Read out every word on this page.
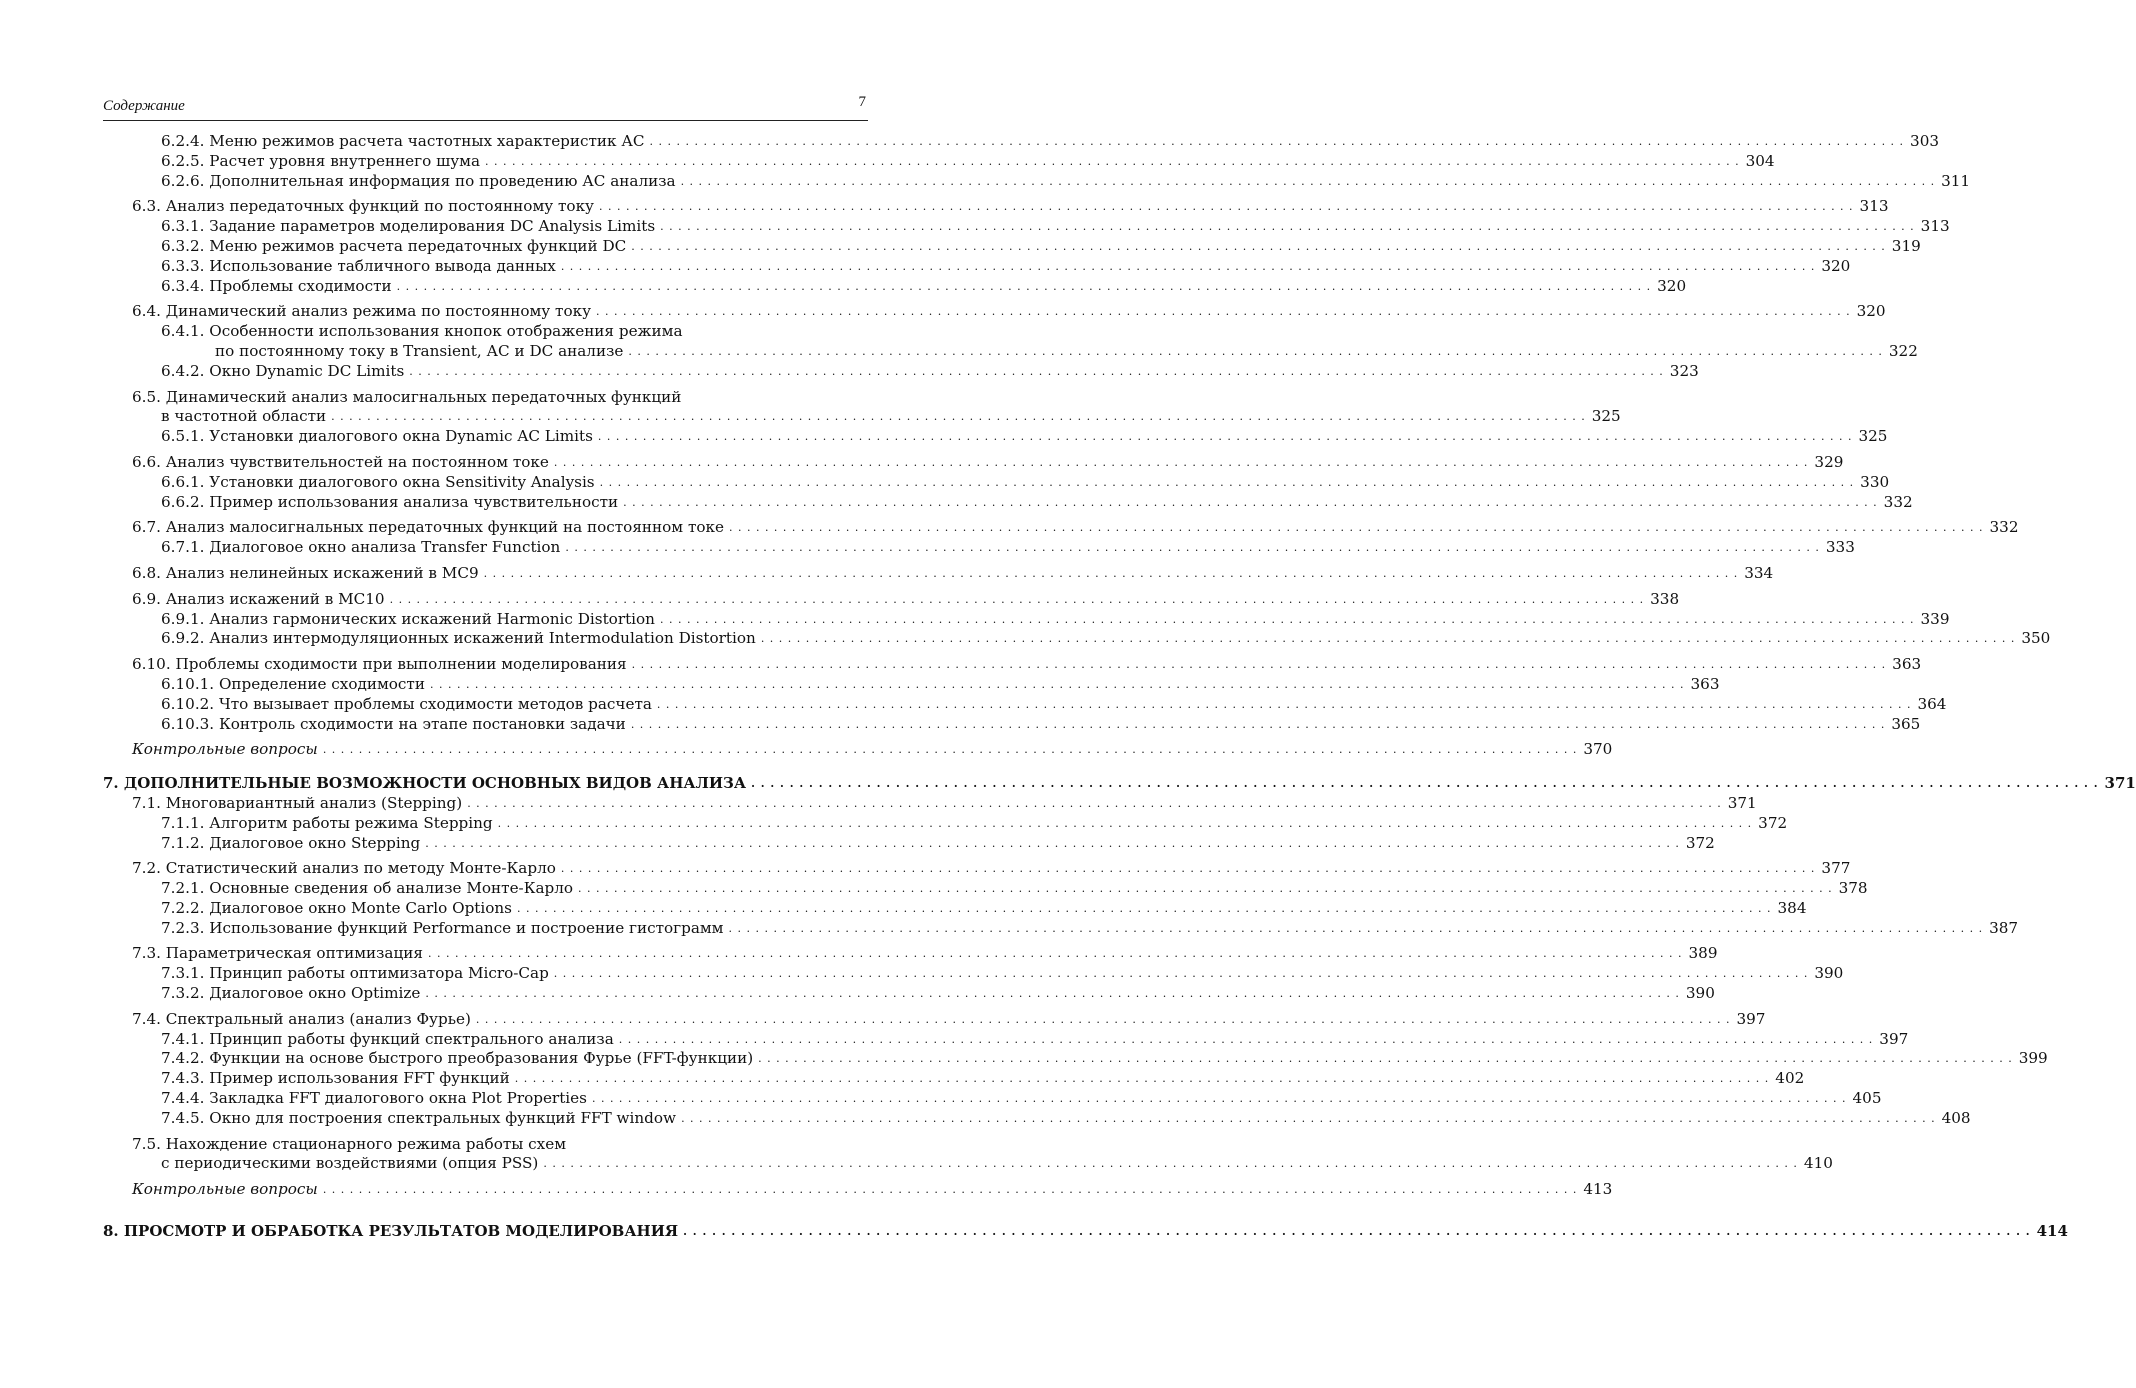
Содержание	7
6.2.4. Меню режимов расчета частотных характеристик АС . . . . . . . . . . . . . . . . . . . . . . . . . . . . . . . . . . . . . . . . . . . . . . . . . . . . . . . . . . . . . . . . . . . . . . . . . . . . . . . . . . . . . . . . . . . . . . . . . . . . . . . . . . . . . . . . . . . . . . . . . . . . . . . . . . . . . . . . . . . . 303
6.2.5. Расчет уровня внутреннего шума . . . . . . . . . . . . . . . . . . . . . . . . . . . . . . . . . . . . . . . . . . . . . . . . . . . . . . . . . . . . . . . . . . . . . . . . . . . . . . . . . . . . . . . . . . . . . . . . . . . . . . . . . . . . . . . . . . . . . . . . . . . . . . . . . . . . . . . . . . . . 304
6.2.6. Дополнительная информация по проведению АС анализа . . . . . . . . . . . . . . . . . . . . . . . . . . . . . . . . . . . . . . . . . . . . . . . . . . . . . . . . . . . . . . . . . . . . . . . . . . . . . . . . . . . . . . . . . . . . . . . . . . . . . . . . . . . . . . . . . . . . . . . . . . . . . . . . . . . . . . . . . . . . 311
6.3. Анализ передаточных функций по постоянному току . . . . . . . . . . . . . . . . . . . . . . . . . . . . . . . . . . . . . . . . . . . . . . . . . . . . . . . . . . . . . . . . . . . . . . . . . . . . . . . . . . . . . . . . . . . . . . . . . . . . . . . . . . . . . . . . . . . . . . . . . . . . . . . . . . . . . . . . . . . . 313
6.3.1. Задание параметров моделирования DC Analysis Limits . . . . . . . . . . . . . . . . . . . . . . . . . . . . . . . . . . . . . . . . . . . . . . . . . . . . . . . . . . . . . . . . . . . . . . . . . . . . . . . . . . . . . . . . . . . . . . . . . . . . . . . . . . . . . . . . . . . . . . . . . . . . . . . . . . . . . . . . . . . . 313
6.3.2. Меню режимов расчета передаточных функций DC . . . . . . . . . . . . . . . . . . . . . . . . . . . . . . . . . . . . . . . . . . . . . . . . . . . . . . . . . . . . . . . . . . . . . . . . . . . . . . . . . . . . . . . . . . . . . . . . . . . . . . . . . . . . . . . . . . . . . . . . . . . . . . . . . . . . . . . . . . . . 319
6.3.3. Использование табличного вывода данных . . . . . . . . . . . . . . . . . . . . . . . . . . . . . . . . . . . . . . . . . . . . . . . . . . . . . . . . . . . . . . . . . . . . . . . . . . . . . . . . . . . . . . . . . . . . . . . . . . . . . . . . . . . . . . . . . . . . . . . . . . . . . . . . . . . . . . . . . . . . 320
6.3.4. Проблемы сходимости . . . . . . . . . . . . . . . . . . . . . . . . . . . . . . . . . . . . . . . . . . . . . . . . . . . . . . . . . . . . . . . . . . . . . . . . . . . . . . . . . . . . . . . . . . . . . . . . . . . . . . . . . . . . . . . . . . . . . . . . . . . . . . . . . . . . . . . . . . . . 320
6.4. Динамический анализ режима по постоянному току . . . . . . . . . . . . . . . . . . . . . . . . . . . . . . . . . . . . . . . . . . . . . . . . . . . . . . . . . . . . . . . . . . . . . . . . . . . . . . . . . . . . . . . . . . . . . . . . . . . . . . . . . . . . . . . . . . . . . . . . . . . . . . . . . . . . . . . . . . . . 320
6.4.1. Особенности использования кнопок отображения режима
по постоянному току в Transient, АС и DC анализе . . . . . . . . . . . . . . . . . . . . . . . . . . . . . . . . . . . . . . . . . . . . . . . . . . . . . . . . . . . . . . . . . . . . . . . . . . . . . . . . . . . . . . . . . . . . . . . . . . . . . . . . . . . . . . . . . . . . . . . . . . . . . . . . . . . . . . . . . . . . 322
6.4.2. Окно Dynamic DC Limits . . . . . . . . . . . . . . . . . . . . . . . . . . . . . . . . . . . . . . . . . . . . . . . . . . . . . . . . . . . . . . . . . . . . . . . . . . . . . . . . . . . . . . . . . . . . . . . . . . . . . . . . . . . . . . . . . . . . . . . . . . . . . . . . . . . . . . . . . . . . 323
6.5. Динамический анализ малосигнальных передаточных функций
в частотной области . . . . . . . . . . . . . . . . . . . . . . . . . . . . . . . . . . . . . . . . . . . . . . . . . . . . . . . . . . . . . . . . . . . . . . . . . . . . . . . . . . . . . . . . . . . . . . . . . . . . . . . . . . . . . . . . . . . . . . . . . . . . . . . . . . . . . . . . . . . . 325
6.5.1. Установки диалогового окна Dynamic AC Limits . . . . . . . . . . . . . . . . . . . . . . . . . . . . . . . . . . . . . . . . . . . . . . . . . . . . . . . . . . . . . . . . . . . . . . . . . . . . . . . . . . . . . . . . . . . . . . . . . . . . . . . . . . . . . . . . . . . . . . . . . . . . . . . . . . . . . . . . . . . . 325
6.6. Анализ чувствительностей на постоянном токе . . . . . . . . . . . . . . . . . . . . . . . . . . . . . . . . . . . . . . . . . . . . . . . . . . . . . . . . . . . . . . . . . . . . . . . . . . . . . . . . . . . . . . . . . . . . . . . . . . . . . . . . . . . . . . . . . . . . . . . . . . . . . . . . . . . . . . . . . . . . 329
6.6.1. Установки диалогового окна Sensitivity Analysis . . . . . . . . . . . . . . . . . . . . . . . . . . . . . . . . . . . . . . . . . . . . . . . . . . . . . . . . . . . . . . . . . . . . . . . . . . . . . . . . . . . . . . . . . . . . . . . . . . . . . . . . . . . . . . . . . . . . . . . . . . . . . . . . . . . . . . . . . . . . 330
6.6.2. Пример использования анализа чувствительности . . . . . . . . . . . . . . . . . . . . . . . . . . . . . . . . . . . . . . . . . . . . . . . . . . . . . . . . . . . . . . . . . . . . . . . . . . . . . . . . . . . . . . . . . . . . . . . . . . . . . . . . . . . . . . . . . . . . . . . . . . . . . . . . . . . . . . . . . . . . 332
6.7. Анализ малосигнальных передаточных функций на постоянном токе . . . . . . . . . . . . . . . . . . . . . . . . . . . . . . . . . . . . . . . . . . . . . . . . . . . . . . . . . . . . . . . . . . . . . . . . . . . . . . . . . . . . . . . . . . . . . . . . . . . . . . . . . . . . . . . . . . . . . . . . . . . . . . . . . . . . . . . . . . . . 332
6.7.1. Диалоговое окно анализа Transfer Function . . . . . . . . . . . . . . . . . . . . . . . . . . . . . . . . . . . . . . . . . . . . . . . . . . . . . . . . . . . . . . . . . . . . . . . . . . . . . . . . . . . . . . . . . . . . . . . . . . . . . . . . . . . . . . . . . . . . . . . . . . . . . . . . . . . . . . . . . . . . 333
6.8. Анализ нелинейных искажений в МС9 . . . . . . . . . . . . . . . . . . . . . . . . . . . . . . . . . . . . . . . . . . . . . . . . . . . . . . . . . . . . . . . . . . . . . . . . . . . . . . . . . . . . . . . . . . . . . . . . . . . . . . . . . . . . . . . . . . . . . . . . . . . . . . . . . . . . . . . . . . . . 334
6.9. Анализ искажений в МС10 . . . . . . . . . . . . . . . . . . . . . . . . . . . . . . . . . . . . . . . . . . . . . . . . . . . . . . . . . . . . . . . . . . . . . . . . . . . . . . . . . . . . . . . . . . . . . . . . . . . . . . . . . . . . . . . . . . . . . . . . . . . . . . . . . . . . . . . . . . . . 338
6.9.1. Анализ гармонических искажений Harmonic Distortion . . . . . . . . . . . . . . . . . . . . . . . . . . . . . . . . . . . . . . . . . . . . . . . . . . . . . . . . . . . . . . . . . . . . . . . . . . . . . . . . . . . . . . . . . . . . . . . . . . . . . . . . . . . . . . . . . . . . . . . . . . . . . . . . . . . . . . . . . . . . 339
6.9.2. Анализ интермодуляционных искажений Intermodulation Distortion . . . . . . . . . . . . . . . . . . . . . . . . . . . . . . . . . . . . . . . . . . . . . . . . . . . . . . . . . . . . . . . . . . . . . . . . . . . . . . . . . . . . . . . . . . . . . . . . . . . . . . . . . . . . . . . . . . . . . . . . . . . . . . . . . . . . . . . . . . . . 350
6.10. Проблемы сходимости при выполнении моделирования . . . . . . . . . . . . . . . . . . . . . . . . . . . . . . . . . . . . . . . . . . . . . . . . . . . . . . . . . . . . . . . . . . . . . . . . . . . . . . . . . . . . . . . . . . . . . . . . . . . . . . . . . . . . . . . . . . . . . . . . . . . . . . . . . . . . . . . . . . . . 363
6.10.1. Определение сходимости . . . . . . . . . . . . . . . . . . . . . . . . . . . . . . . . . . . . . . . . . . . . . . . . . . . . . . . . . . . . . . . . . . . . . . . . . . . . . . . . . . . . . . . . . . . . . . . . . . . . . . . . . . . . . . . . . . . . . . . . . . . . . . . . . . . . . . . . . . . . 363
6.10.2. Что вызывает проблемы сходимости методов расчета . . . . . . . . . . . . . . . . . . . . . . . . . . . . . . . . . . . . . . . . . . . . . . . . . . . . . . . . . . . . . . . . . . . . . . . . . . . . . . . . . . . . . . . . . . . . . . . . . . . . . . . . . . . . . . . . . . . . . . . . . . . . . . . . . . . . . . . . . . . . 364
6.10.3. Контроль сходимости на этапе постановки задачи . . . . . . . . . . . . . . . . . . . . . . . . . . . . . . . . . . . . . . . . . . . . . . . . . . . . . . . . . . . . . . . . . . . . . . . . . . . . . . . . . . . . . . . . . . . . . . . . . . . . . . . . . . . . . . . . . . . . . . . . . . . . . . . . . . . . . . . . . . . . 365
Контрольные вопросы . . . . . . . . . . . . . . . . . . . . . . . . . . . . . . . . . . . . . . . . . . . . . . . . . . . . . . . . . . . . . . . . . . . . . . . . . . . . . . . . . . . . . . . . . . . . . . . . . . . . . . . . . . . . . . . . . . . . . . . . . . . . . . . . . . . . . . . . . . . . 370
7. ДОПОЛНИТЕЛЬНЫЕ ВОЗМОЖНОСТИ ОСНОВНЫХ ВИДОВ АНАЛИЗА . . . . . . . . . . . . . . . . . . . . . . . . . . . . . . . . . . . . . . . . . . . . . . . . . . . . . . . . . . . . . . . . . . . . . . . . . . . . . . . . . . . . . . . . . . . . . . . . . . . . . . . . . . . . . . . . . . . . . . . . . . . . . . . . . . . . . . . . . . . . 371
7.1. Многовариантный анализ (Stepping) . . . . . . . . . . . . . . . . . . . . . . . . . . . . . . . . . . . . . . . . . . . . . . . . . . . . . . . . . . . . . . . . . . . . . . . . . . . . . . . . . . . . . . . . . . . . . . . . . . . . . . . . . . . . . . . . . . . . . . . . . . . . . . . . . . . . . . . . . . . . 371
7.1.1. Алгоритм работы режима Stepping . . . . . . . . . . . . . . . . . . . . . . . . . . . . . . . . . . . . . . . . . . . . . . . . . . . . . . . . . . . . . . . . . . . . . . . . . . . . . . . . . . . . . . . . . . . . . . . . . . . . . . . . . . . . . . . . . . . . . . . . . . . . . . . . . . . . . . . . . . . . 372
7.1.2. Диалоговое окно Stepping . . . . . . . . . . . . . . . . . . . . . . . . . . . . . . . . . . . . . . . . . . . . . . . . . . . . . . . . . . . . . . . . . . . . . . . . . . . . . . . . . . . . . . . . . . . . . . . . . . . . . . . . . . . . . . . . . . . . . . . . . . . . . . . . . . . . . . . . . . . . 372
7.2. Статистический анализ по методу Монте-Карло . . . . . . . . . . . . . . . . . . . . . . . . . . . . . . . . . . . . . . . . . . . . . . . . . . . . . . . . . . . . . . . . . . . . . . . . . . . . . . . . . . . . . . . . . . . . . . . . . . . . . . . . . . . . . . . . . . . . . . . . . . . . . . . . . . . . . . . . . . . . 377
7.2.1. Основные сведения об анализе Монте-Карло . . . . . . . . . . . . . . . . . . . . . . . . . . . . . . . . . . . . . . . . . . . . . . . . . . . . . . . . . . . . . . . . . . . . . . . . . . . . . . . . . . . . . . . . . . . . . . . . . . . . . . . . . . . . . . . . . . . . . . . . . . . . . . . . . . . . . . . . . . . . 378
7.2.2. Диалоговое окно Monte Carlo Options . . . . . . . . . . . . . . . . . . . . . . . . . . . . . . . . . . . . . . . . . . . . . . . . . . . . . . . . . . . . . . . . . . . . . . . . . . . . . . . . . . . . . . . . . . . . . . . . . . . . . . . . . . . . . . . . . . . . . . . . . . . . . . . . . . . . . . . . . . . . 384
7.2.3. Использование функций Performance и построение гистограмм . . . . . . . . . . . . . . . . . . . . . . . . . . . . . . . . . . . . . . . . . . . . . . . . . . . . . . . . . . . . . . . . . . . . . . . . . . . . . . . . . . . . . . . . . . . . . . . . . . . . . . . . . . . . . . . . . . . . . . . . . . . . . . . . . . . . . . . . . . . . 387
7.3. Параметрическая оптимизация . . . . . . . . . . . . . . . . . . . . . . . . . . . . . . . . . . . . . . . . . . . . . . . . . . . . . . . . . . . . . . . . . . . . . . . . . . . . . . . . . . . . . . . . . . . . . . . . . . . . . . . . . . . . . . . . . . . . . . . . . . . . . . . . . . . . . . . . . . . . 389
7.3.1. Принцип работы оптимизатора Micro-Cap . . . . . . . . . . . . . . . . . . . . . . . . . . . . . . . . . . . . . . . . . . . . . . . . . . . . . . . . . . . . . . . . . . . . . . . . . . . . . . . . . . . . . . . . . . . . . . . . . . . . . . . . . . . . . . . . . . . . . . . . . . . . . . . . . . . . . . . . . . . . 390
7.3.2. Диалоговое окно Optimize . . . . . . . . . . . . . . . . . . . . . . . . . . . . . . . . . . . . . . . . . . . . . . . . . . . . . . . . . . . . . . . . . . . . . . . . . . . . . . . . . . . . . . . . . . . . . . . . . . . . . . . . . . . . . . . . . . . . . . . . . . . . . . . . . . . . . . . . . . . . 390
7.4. Спектральный анализ (анализ Фурье) . . . . . . . . . . . . . . . . . . . . . . . . . . . . . . . . . . . . . . . . . . . . . . . . . . . . . . . . . . . . . . . . . . . . . . . . . . . . . . . . . . . . . . . . . . . . . . . . . . . . . . . . . . . . . . . . . . . . . . . . . . . . . . . . . . . . . . . . . . . . 397
7.4.1. Принцип работы функций спектрального анализа . . . . . . . . . . . . . . . . . . . . . . . . . . . . . . . . . . . . . . . . . . . . . . . . . . . . . . . . . . . . . . . . . . . . . . . . . . . . . . . . . . . . . . . . . . . . . . . . . . . . . . . . . . . . . . . . . . . . . . . . . . . . . . . . . . . . . . . . . . . . 397
7.4.2. Функции на основе быстрого преобразования Фурье (FFT-функции) . . . . . . . . . . . . . . . . . . . . . . . . . . . . . . . . . . . . . . . . . . . . . . . . . . . . . . . . . . . . . . . . . . . . . . . . . . . . . . . . . . . . . . . . . . . . . . . . . . . . . . . . . . . . . . . . . . . . . . . . . . . . . . . . . . . . . . . . . . . . 399
7.4.3. Пример использования FFT функций . . . . . . . . . . . . . . . . . . . . . . . . . . . . . . . . . . . . . . . . . . . . . . . . . . . . . . . . . . . . . . . . . . . . . . . . . . . . . . . . . . . . . . . . . . . . . . . . . . . . . . . . . . . . . . . . . . . . . . . . . . . . . . . . . . . . . . . . . . . . 402
7.4.4. Закладка FFT диалогового окна Plot Properties . . . . . . . . . . . . . . . . . . . . . . . . . . . . . . . . . . . . . . . . . . . . . . . . . . . . . . . . . . . . . . . . . . . . . . . . . . . . . . . . . . . . . . . . . . . . . . . . . . . . . . . . . . . . . . . . . . . . . . . . . . . . . . . . . . . . . . . . . . . . 405
7.4.5. Окно для построения спектральных функций FFT window . . . . . . . . . . . . . . . . . . . . . . . . . . . . . . . . . . . . . . . . . . . . . . . . . . . . . . . . . . . . . . . . . . . . . . . . . . . . . . . . . . . . . . . . . . . . . . . . . . . . . . . . . . . . . . . . . . . . . . . . . . . . . . . . . . . . . . . . . . . . 408
7.5. Нахождение стационарного режима работы схем
с периодическими воздействиями (опция PSS) . . . . . . . . . . . . . . . . . . . . . . . . . . . . . . . . . . . . . . . . . . . . . . . . . . . . . . . . . . . . . . . . . . . . . . . . . . . . . . . . . . . . . . . . . . . . . . . . . . . . . . . . . . . . . . . . . . . . . . . . . . . . . . . . . . . . . . . . . . . . 410
Контрольные вопросы . . . . . . . . . . . . . . . . . . . . . . . . . . . . . . . . . . . . . . . . . . . . . . . . . . . . . . . . . . . . . . . . . . . . . . . . . . . . . . . . . . . . . . . . . . . . . . . . . . . . . . . . . . . . . . . . . . . . . . . . . . . . . . . . . . . . . . . . . . . . 413
8. ПРОСМОТР И ОБРАБОТКА РЕЗУЛЬТАТОВ МОДЕЛИРОВАНИЯ . . . . . . . . . . . . . . . . . . . . . . . . . . . . . . . . . . . . . . . . . . . . . . . . . . . . . . . . . . . . . . . . . . . . . . . . . . . . . . . . . . . . . . . . . . . . . . . . . . . . . . . . . . . . . . . . . . . . . . . . . . . . . . . . . . . . . . . . . . . . 414
